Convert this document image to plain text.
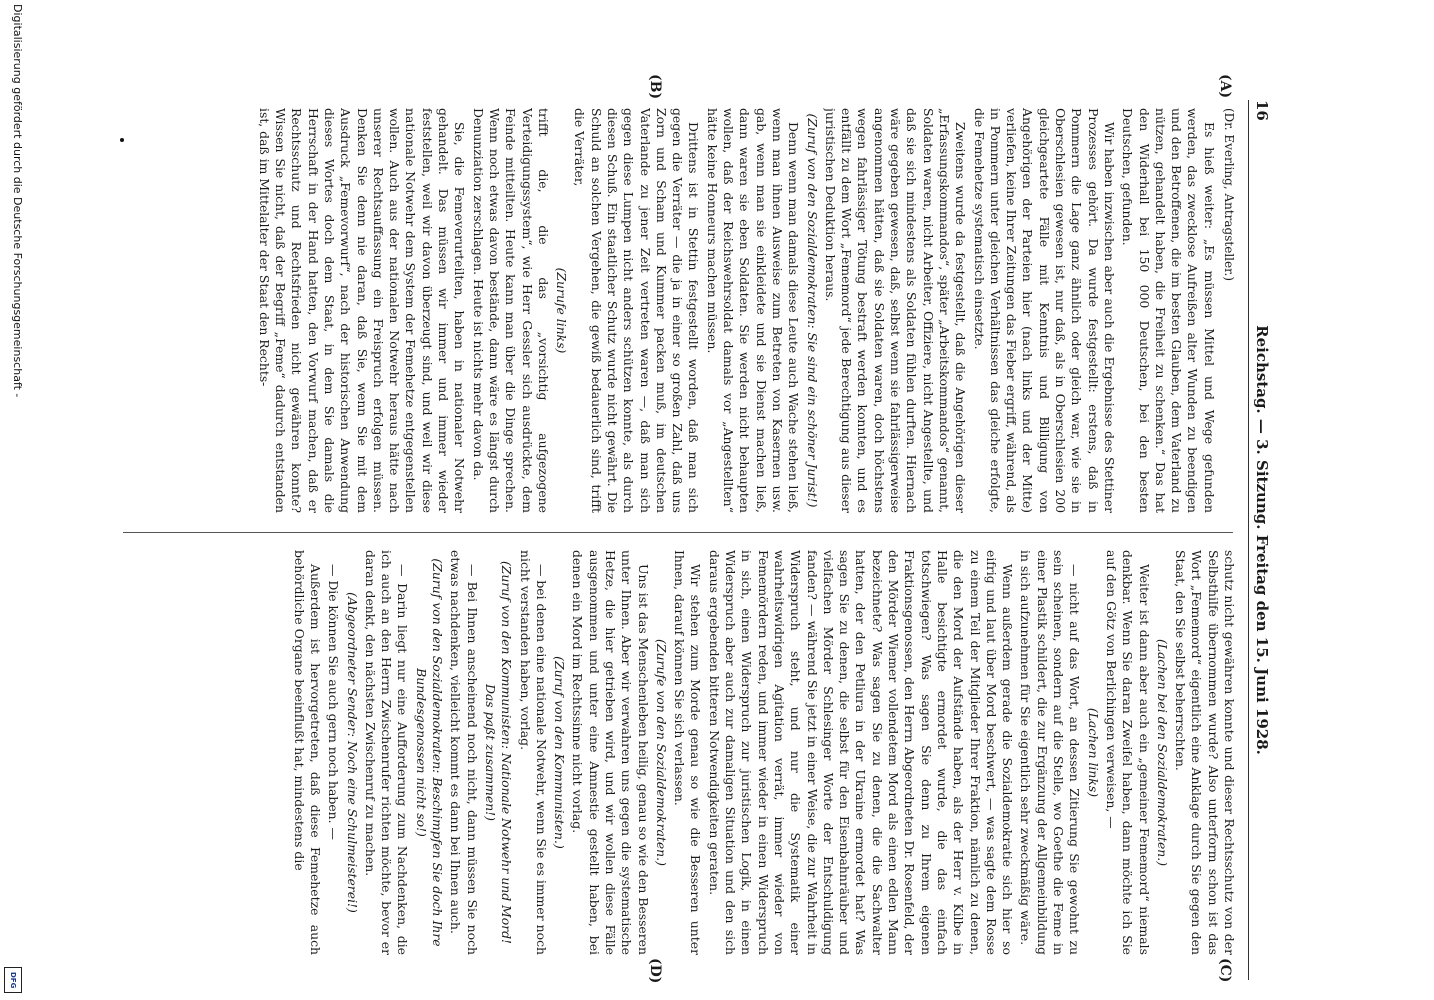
Digitalisierung gefördert durch die Deutsche Forschungsgemeinschaft -
DFG
16
Reichstag. — 3. Sitzung. Freitag den 15. Juni 1928.
(Dr. Everling, Antragsteller.)

Es hieß weiter: „Es müssen Mittel und Wege gefunden werden, das zwecklose Aufreißen alter Wunden zu beendigen und den Betroffenen, die im besten Glauben, dem Vaterland zu nützen, gehandelt haben, die Freiheit zu schenken.“ Das hat den Widerhall bei 150 000 Deutschen, bei den besten Deutschen, gefunden.

Wir haben inzwischen aber auch die Ergebnisse des Stettiner Prozesses gehört. Da wurde festgestellt: erstens, daß in Pommern die Lage ganz ähnlich oder gleich war, wie sie in Oberschlesien gewesen ist, nur daß, als in Oberschlesien 200 gleichgeartete Fälle mit Kenntnis und Billigung von Angehörigen der Parteien hier (nach links und der Mitte) verliefen, keine Ihrer Zeitungen das Fieber ergriff, während, als in Pommern unter gleichen Verhältnissen das gleiche erfolgte, die Femehetze systematisch einsetzte.

Zweitens wurde da festgestellt, daß die Angehörigen dieser „Erfassungskommandos“, später „Arbeitskommandos“ genannt, Soldaten waren, nicht Arbeiter, Offiziere, nicht Angestellte, und daß sie sich mindestens als Soldaten fühlen durften. Hiernach wäre gegeben gewesen, daß, selbst wenn sie fahrlässigerweise angenommen hätten, daß sie Soldaten waren, doch höchstens wegen fahrlässiger Tötung bestraft werden konnten, und es entfällt zu dem Wort „Fememord“ jede Berechtigung aus dieser juristischen Deduktion heraus.

(Zuruf von den Sozialdemokraten: Sie sind ein schöner Jurist!)

Denn wenn man damals diese Leute auch Wache stehen ließ, wenn man ihnen Ausweise zum Betreten von Kasernen usw. gab, wenn man sie einkleidete und sie Dienst machen ließ, dann waren sie eben Soldaten. Sie werden nicht behaupten wollen, daß der Reichswehrsoldat damals vor „Angestellten“ hätte keine Honneurs machen müssen.

Drittens ist in Stettin festgestellt worden, daß man sich gegen die Verräter — die ja in einer so großen Zahl, daß uns Zorn und Scham und Kummer packen muß, im deutschen Vaterlande zu jener Zeit vertreten waren —, daß man sich gegen diese Lumpen nicht anders schützen konnte, als durch diesen Schuß. Ein staatlicher Schutz wurde nicht gewährt. Die Schuld an solchen Vergehen, die gewiß bedauerlich sind, trifft die Verräter,

(Zurufe links)

trifft die, die das „vorsichtig aufgezogene Verteidigungssystem“, wie Herr Gessler sich ausdrückte, dem Feinde mitteilten. Heute kann man über die Dinge sprechen. Wenn noch etwas davon bestände, dann wäre es längst durch Denunziation zerschlagen. Heute ist nichts mehr davon da.

Sie, die Femeverurteilten, haben in nationaler Notwehr gehandelt. Das müssen wir immer und immer wieder feststellen, weil wir davon überzeugt sind, und weil wir diese nationale Notwehr dem System der Femehetze entgegenstellen wollen. Auch aus der nationalen Notwehr heraus hätte nach unserer Rechtsauffassung ein Freispruch erfolgen müssen. Denken Sie denn nie daran, daß Sie, wenn Sie mit dem Ausdruck „Femevorwurf“, nach der historischen Anwendung dieses Wortes doch dem Staat, in dem Sie damals die Herrschaft in der Hand hatten, den Vorwurf machen, daß er Rechtsschutz und Rechtsfrieden nicht gewähren konnte? Wissen Sie nicht, daß der Begriff „Feme“ dadurch entstanden ist, daß im Mittelalter der Staat den Rechts-

(A)
(B)

schutz nicht gewähren konnte und dieser Rechtsschutz von der Selbsthilfe übernommen wurde? Also unterform schon ist das Wort „Fememord“ eigentlich eine Anklage durch Sie gegen den Staat, den Sie selbst beherrschten.

(Lachen bei den Sozialdemokraten.)

Weiter ist dann aber auch ein „gemeiner Fememord“ niemals denkbar. Wenn Sie daran Zweifel haben, dann möchte ich Sie auf den Götz von Berlichingen verweisen, —

(Lachen links)

— nicht auf das Wort, an dessen Zitierung Sie gewohnt zu sein scheinen, sondern auf die Stelle, wo Goethe die Feme in einer Plastik schildert, die zur Ergänzung der Allgemeinbildung in sich aufzunehmen für Sie eigentlich sehr zweckmäßig wäre.

Wenn außerdem gerade die Sozialdemokratie sich hier so eifrig und laut über Mord beschwert, — was sagte dem Rosse zu einem Teil der Mitglieder Ihrer Fraktion, nämlich zu denen, die den Mord der Aufstände haben, als der Herr v. Kilbe in Halle besichtigte ermordet wurde, die das einfach totschwiegen? Was sagen Sie denn zu Ihrem eigenen Fraktionsgenossen, den Herrn Abgeordneten Dr. Rosenfeld, der den Mörder Wiemer vollendetem Mord als einen edlen Mann bezeichnete? Was sagen Sie zu denen, die die Sachwalter hatten, der den Petliura in der Ukraine ermordet hat? Was sagen Sie zu denen, die selbst für den Eisenbahnräuber und vielfachen Mörder Schlesinger Worte der Entschuldigung fanden? — während Sie jetzt in einer Weise, die zur Wahrheit in Widerspruch steht, und nur die Systematik einer wahrheitswidrigen Agitation verrät, immer wieder von Fememördern reden, und immer wieder in einen Widerspruch in sich, einen Widerspruch zur juristischen Logik, in einen Widerspruch aber auch zur damaligen Situation und den sich daraus ergebenden bitteren Notwendigkeiten geraten.

Wir stehen zum Morde genau so wie die Besseren unter Ihnen, darauf können Sie sich verlassen.

(Zurufe von den Sozialdemokraten.)

Uns ist das Menschenleben heilig, genau so wie den Besseren unter Ihnen. Aber wir verwahren uns gegen die systematische Hetze, die hier getrieben wird, und wir wollen diese Fälle ausgenommen und unter eine Amnestie gestellt haben, bei denen ein Mord im Rechtssinne nicht vorlag.

(Zuruf von den Kommunisten.)

— bei denen eine nationale Notwehr, wenn Sie es immer noch nicht verstanden haben, vorlag.

(Zuruf von den Kommunisten: Nationale Notwehr und Mord! Das paßt zusammen!)

— Bei Ihnen anscheinend noch nicht, dann müssen Sie noch etwas nachdenken, vielleicht kommt es dann bei Ihnen auch.

(Zuruf von den Sozialdemokraten: Beschimpfen Sie doch Ihre Bundesgenossen nicht so!)

— Darin liegt nur eine Aufforderung zum Nachdenken, die ich auch an den Herrn Zwischenrufer richten möchte, bevor er daran denkt, den nächsten Zwischenruf zu machen.

(Abgeordneter Sender: Noch eine Schulmeisterei!)

— Die können Sie auch gern noch haben. —

Außerdem ist hervorgetreten, daß diese Femehetze auch behördliche Organe beeinflußt hat, mindestens die

(C)
(D)
